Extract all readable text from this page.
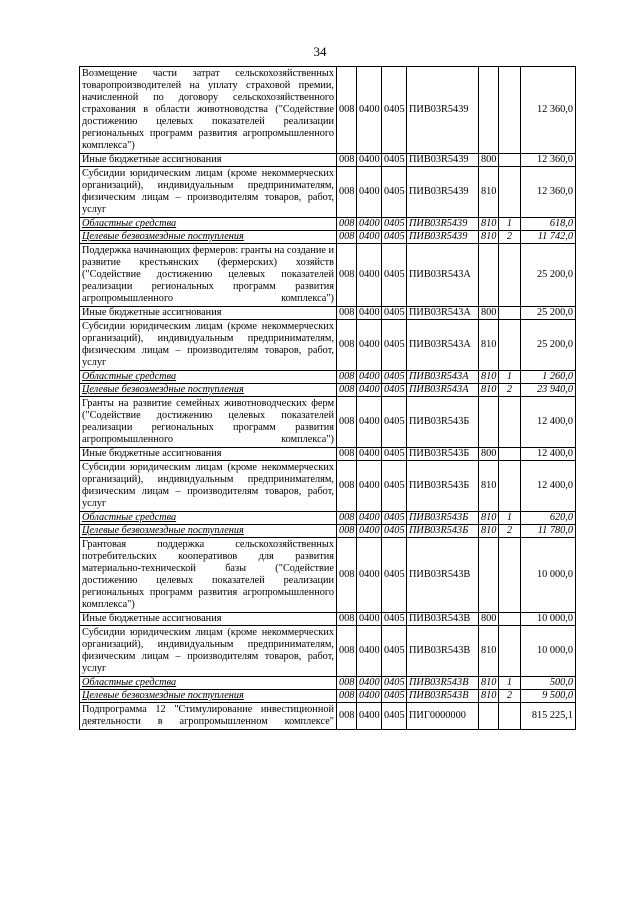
34
Возмещение части затрат сельскохозяйственных товаропроизводителей на уплату страховой премии, начисленной по договору сельскохозяйственного страхования в области животноводства ("Содействие достижению целевых показателей реализации региональных программ развития агропромышленного комплекса")	008	0400	0405	ПИВ03R5439			12 360,0
Иные бюджетные ассигнования	008	0400	0405	ПИВ03R5439	800		12 360,0
Субсидии юридическим лицам (кроме некоммерческих организаций), индивидуальным предпринимателям, физическим лицам – производителям товаров, работ, услуг	008	0400	0405	ПИВ03R5439	810		12 360,0
Областные средства	008	0400	0405	ПИВ03R5439	810	1	618,0
Целевые безвозмездные поступления	008	0400	0405	ПИВ03R5439	810	2	11 742,0
Поддержка начинающих фермеров: гранты на создание и развитие крестьянских (фермерских) хозяйств ("Содействие достижению целевых показателей реализации региональных программ развития агропромышленного комплекса")	008	0400	0405	ПИВ03R543А			25 200,0
Иные бюджетные ассигнования	008	0400	0405	ПИВ03R543А	800		25 200,0
Субсидии юридическим лицам (кроме некоммерческих организаций), индивидуальным предпринимателям, физическим лицам – производителям товаров, работ, услуг	008	0400	0405	ПИВ03R543А	810		25 200,0
Областные средства	008	0400	0405	ПИВ03R543А	810	1	1 260,0
Целевые безвозмездные поступления	008	0400	0405	ПИВ03R543А	810	2	23 940,0
Гранты на развитие семейных животноводческих ферм ("Содействие достижению целевых показателей реализации региональных программ развития агропромышленного комплекса")	008	0400	0405	ПИВ03R543Б			12 400,0
Иные бюджетные ассигнования	008	0400	0405	ПИВ03R543Б	800		12 400,0
Субсидии юридическим лицам (кроме некоммерческих организаций), индивидуальным предпринимателям, физическим лицам – производителям товаров, работ, услуг	008	0400	0405	ПИВ03R543Б	810		12 400,0
Областные средства	008	0400	0405	ПИВ03R543Б	810	1	620,0
Целевые безвозмездные поступления	008	0400	0405	ПИВ03R543Б	810	2	11 780,0
Грантовая поддержка сельскохозяйственных потребительских кооперативов для развития материально-технической базы ("Содействие достижению целевых показателей реализации региональных программ развития агропромышленного комплекса")	008	0400	0405	ПИВ03R543В			10 000,0
Иные бюджетные ассигнования	008	0400	0405	ПИВ03R543В	800		10 000,0
Субсидии юридическим лицам (кроме некоммерческих организаций), индивидуальным предпринимателям, физическим лицам – производителям товаров, работ, услуг	008	0400	0405	ПИВ03R543В	810		10 000,0
Областные средства	008	0400	0405	ПИВ03R543В	810	1	500,0
Целевые безвозмездные поступления	008	0400	0405	ПИВ03R543В	810	2	9 500,0
Подпрограмма 12 "Стимулирование инвестиционной деятельности в агропромышленном комплексе"	008	0400	0405	ПИГ0000000			815 225,1
